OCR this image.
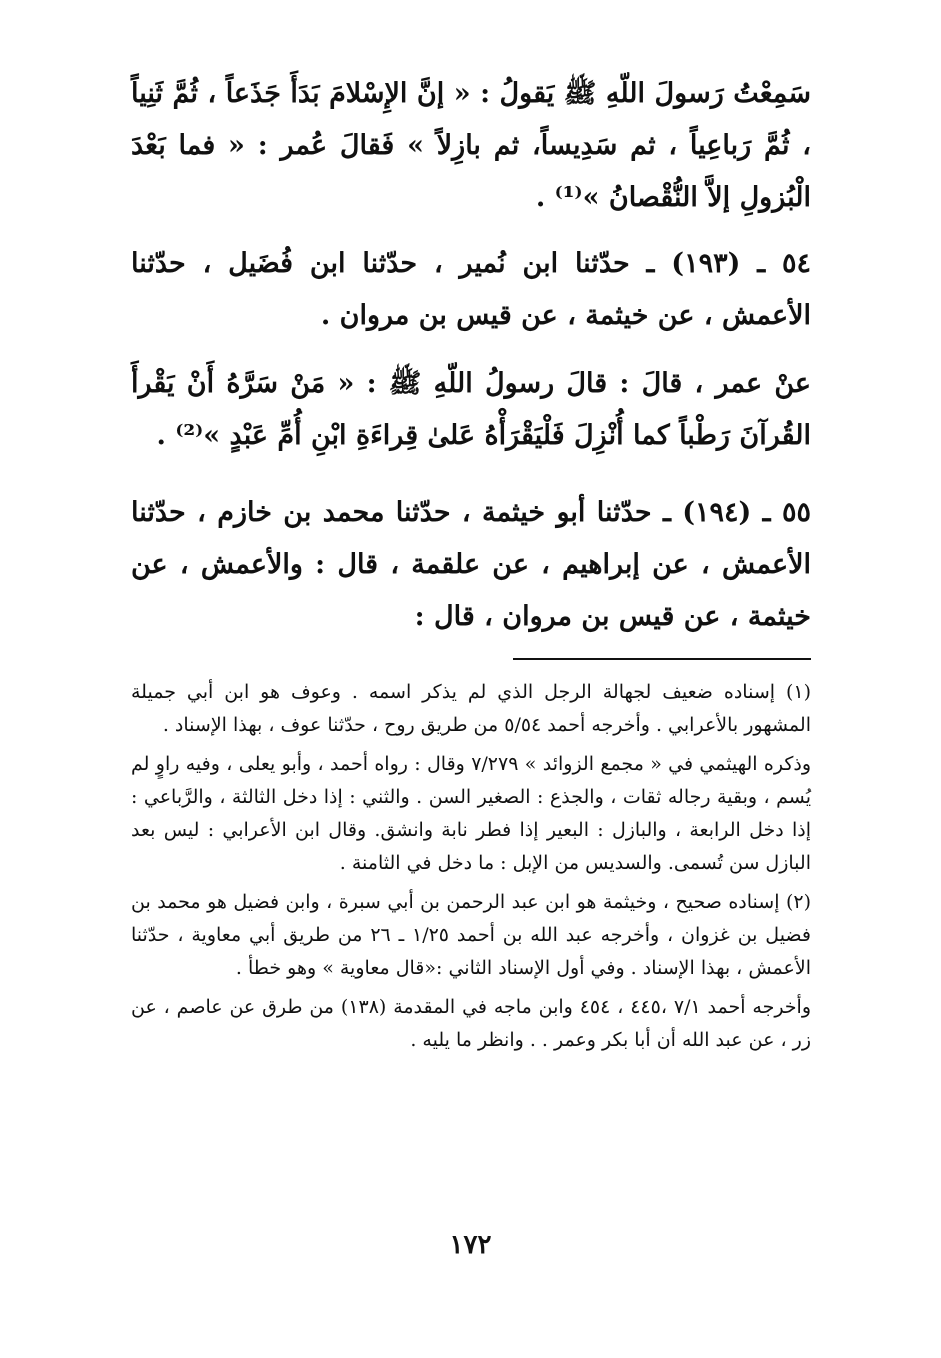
سَمِعْتُ رَسولَ اللّهِ ﷺ يَقولُ : « إنَّ الإِسْلامَ بَدَأَ جَذَعاً ، ثُمَّ ثَنِياً ، ثُمَّ رَباعِياً ، ثم سَدِيساً، ثم بازِلاً » فَقالَ عُمر : « فما بَعْدَ الْبُزولِ إلاَّ النُّقْصانُ »⁽¹⁾ .

٥٤ ـ (١٩٣) ـ حدّثنا ابن نُمير ، حدّثنا ابن فُضَيل ، حدّثنا الأعمش ، عن خيثمة ، عن قيس بن مروان .

عنْ عمر ، قالَ : قالَ رسولُ اللّهِ ﷺ : « مَنْ سَرَّهُ أَنْ يَقْرأَ القُرآنَ رَطْباً كما أُنْزِلَ فَلْيَقْرَأْهُ عَلىٰ قِراءَةِ ابْنِ أُمِّ عَبْدٍ »⁽²⁾ .

٥٥ ـ (١٩٤) ـ حدّثنا أبو خيثمة ، حدّثنا محمد بن خازم ، حدّثنا الأعمش ، عن إبراهيم ، عن علقمة ، قال : والأعمش ، عن خيثمة ، عن قيس بن مروان ، قال :

(١) إسناده ضعيف لجهالة الرجل الذي لم يذكر اسمه . وعوف هو ابن أبي جميلة المشهور بالأعرابي . وأخرجه أحمد ٥/٥٤ من طريق روح ، حدّثنا عوف ، بهذا الإسناد .

وذكره الهيثمي في « مجمع الزوائد » ٧/٢٧٩ وقال : رواه أحمد ، وأبو يعلى ، وفيه راوٍ لم يُسم ، وبقية رجاله ثقات ، والجذع : الصغير السن . والثني : إذا دخل الثالثة ، والرَّباعي : إذا دخل الرابعة ، والبازل : البعير إذا فطر نابة وانشق. وقال ابن الأعرابي : ليس بعد البازل سن تُسمى. والسديس من الإبل : ما دخل في الثامنة .

(٢) إسناده صحيح ، وخيثمة هو ابن عبد الرحمن بن أبي سبرة ، وابن فضيل هو محمد بن فضيل بن غزوان ، وأخرجه عبد الله بن أحمد ١/٢٥ ـ ٢٦ من طريق أبي معاوية ، حدّثنا الأعمش ، بهذا الإسناد . وفي أول الإسناد الثاني :«قال معاوية » وهو خطأ .

وأخرجه أحمد ٧/١ ،٤٤٥ ، ٤٥٤ وابن ماجه في المقدمة (١٣٨) من طرق عن عاصم ، عن زر ، عن عبد الله أن أبا بكر وعمر . . وانظر ما يليه .

١٧٢
